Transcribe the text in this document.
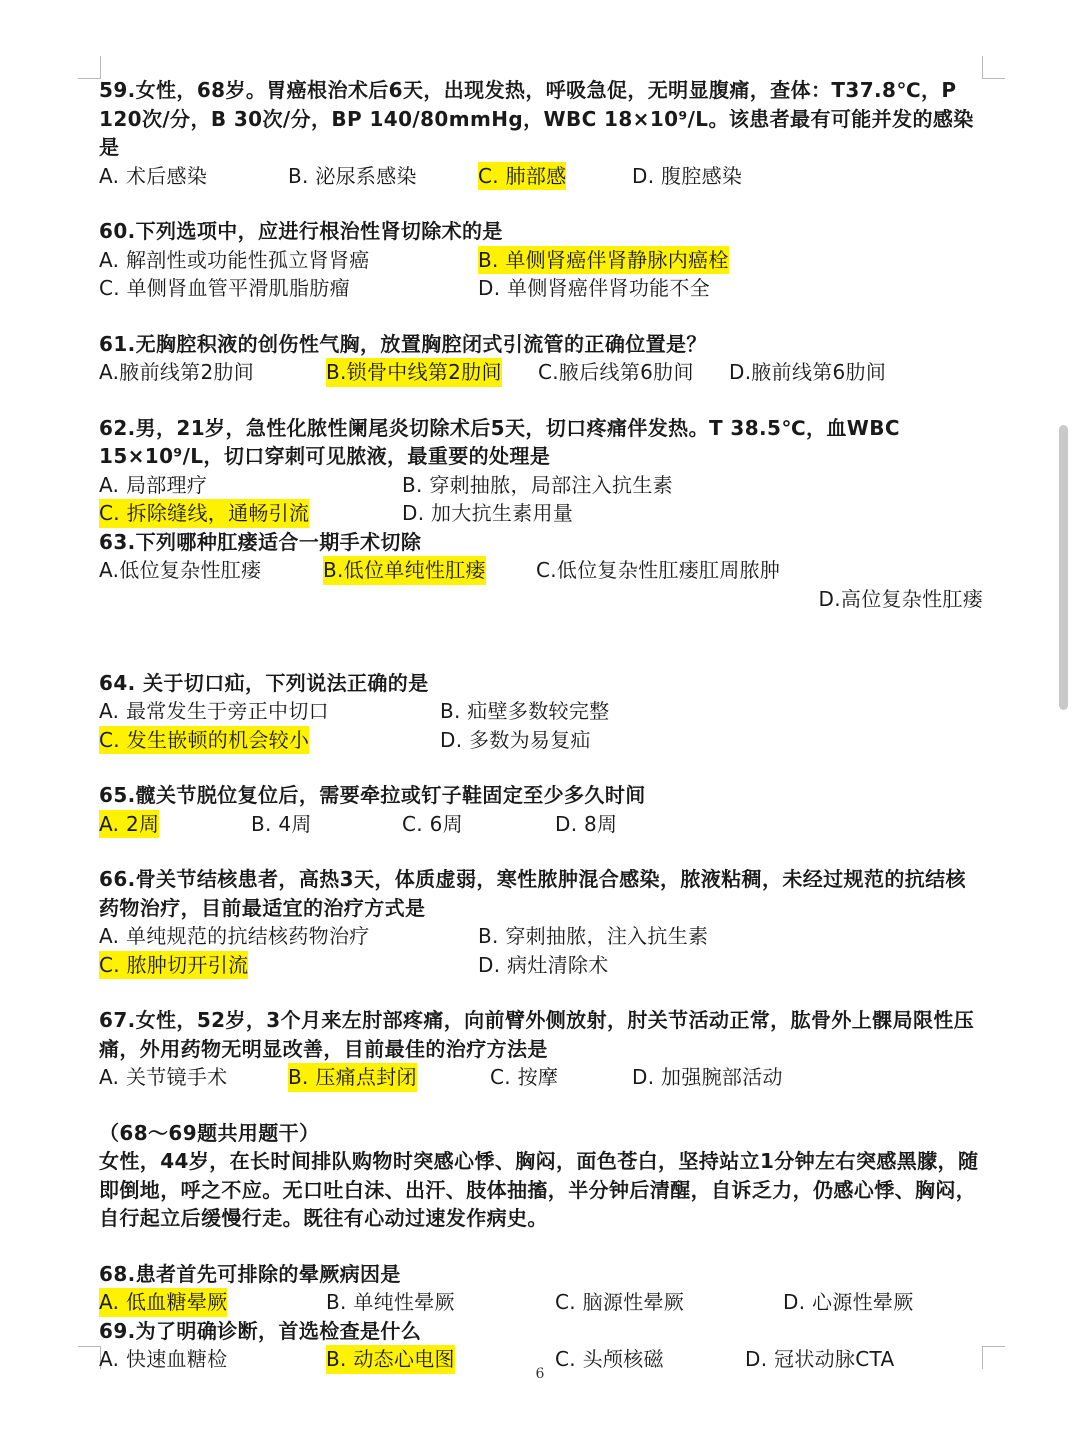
59.女性，68岁。胃癌根治术后6天，出现发热，呼吸急促，无明显腹痛，查体：T37.8℃，P 120次/分，B 30次/分，BP 140/80mmHg，WBC 18×10⁹/L。该患者最有可能并发的感染是

A. 术后感染	B. 泌尿系感染	C. 肺部感	D. 腹腔感染

60.下列选项中，应进行根治性肾切除术的是

A. 解剖性或功能性孤立肾肾癌	B. 单侧肾癌伴肾静脉内癌栓
C. 单侧肾血管平滑肌脂肪瘤	D. 单侧肾癌伴肾功能不全

61.无胸腔积液的创伤性气胸，放置胸腔闭式引流管的正确位置是？

A.腋前线第2肋间	B.锁骨中线第2肋间 C.腋后线第6肋间 D.腋前线第6肋间

62.男，21岁，急性化脓性阑尾炎切除术后5天，切口疼痛伴发热。T 38.5℃，血WBC 15×10⁹/L，切口穿刺可见脓液，最重要的处理是

A. 局部理疗	B. 穿刺抽脓，局部注入抗生素
C. 拆除缝线，通畅引流	D. 加大抗生素用量

63.下列哪种肛瘘适合一期手术切除

A.低位复杂性肛瘘	B.低位单纯性肛瘘	C.低位复杂性肛瘘肛周脓肿
D.高位复杂性肛瘘

64. 关于切口疝，下列说法正确的是

A. 最常发生于旁正中切口	B. 疝壁多数较完整
C. 发生嵌顿的机会较小	D. 多数为易复疝

65.髋关节脱位复位后，需要牵拉或钉子鞋固定至少多久时间

A. 2周	B. 4周	C. 6周	D. 8周

66.骨关节结核患者，高热3天，体质虚弱，寒性脓肿混合感染，脓液粘稠，未经过规范的抗结核药物治疗，目前最适宜的治疗方式是

A. 单纯规范的抗结核药物治疗	B. 穿刺抽脓，注入抗生素
C. 脓肿切开引流	D. 病灶清除术

67.女性，52岁，3个月来左肘部疼痛，向前臂外侧放射，肘关节活动正常，肱骨外上髁局限性压痛，外用药物无明显改善，目前最佳的治疗方法是

A. 关节镜手术	B. 压痛点封闭	C. 按摩	D. 加强腕部活动

（68～69题共用题干）

女性，44岁，在长时间排队购物时突感心悸、胸闷，面色苍白，坚持站立1分钟左右突感黑朦，随即倒地，呼之不应。无口吐白沫、出汗、肢体抽搐，半分钟后清醒，自诉乏力，仍感心悸、胸闷，自行起立后缓慢行走。既往有心动过速发作病史。

68.患者首先可排除的晕厥病因是

A. 低血糖晕厥	B. 单纯性晕厥	C. 脑源性晕厥	D. 心源性晕厥

69.为了明确诊断，首选检查是什么

A. 快速血糖检	B. 动态心电图	C. 头颅核磁	D. 冠状动脉CTA
6
